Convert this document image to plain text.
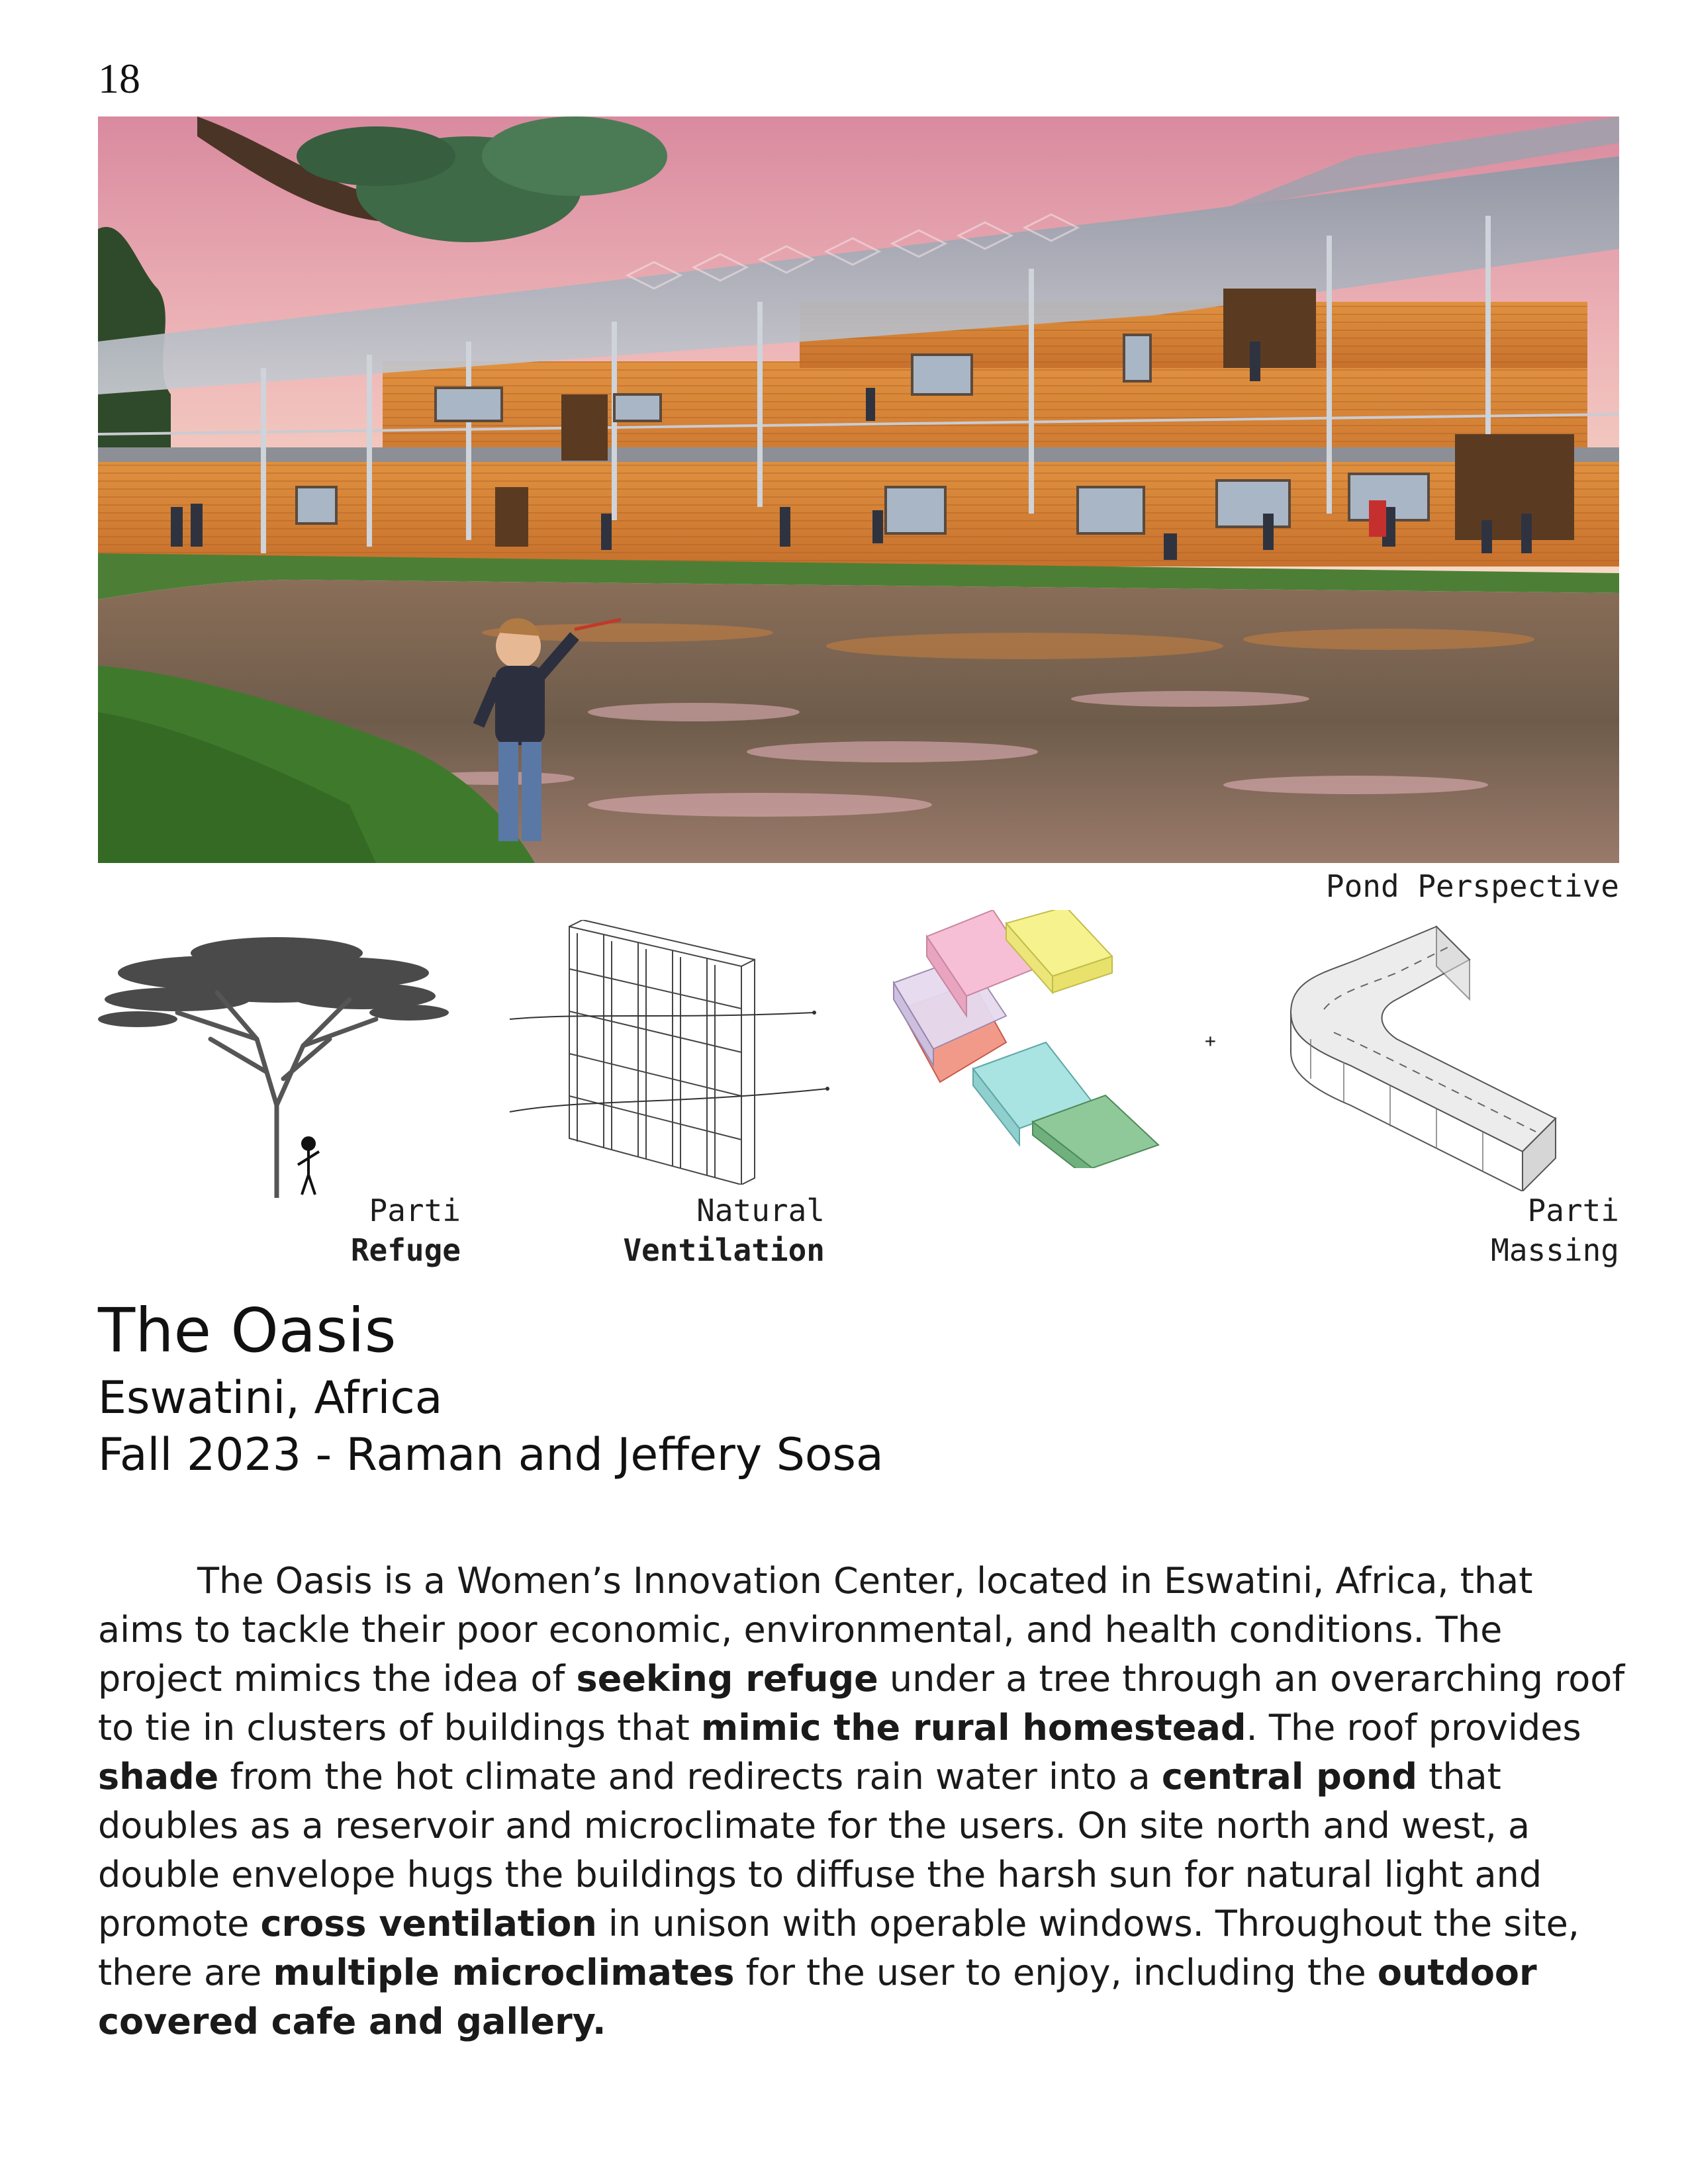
18
Pond Perspective
Parti
Refuge
Natural
Ventilation
+
Parti
Massing
The Oasis
Eswatini, Africa
Fall 2023 - Raman and Jeffery Sosa
The Oasis is a Women’s Innovation Center, located in Eswatini, Africa, that aims to tackle their poor economic, environmental, and health conditions. The project mimics the idea of seeking refuge under a tree through an overarching roof to tie in clusters of buildings that mimic the rural homestead. The roof provides shade from the hot climate and redirects rain water into a central pond that doubles as a reservoir and microclimate for the users. On site north and west, a double envelope hugs the buildings to diffuse the harsh sun for natural light and promote cross ventilation in unison with operable windows. Throughout the site, there are multiple microclimates for the user to enjoy, including the outdoor covered cafe and gallery.
